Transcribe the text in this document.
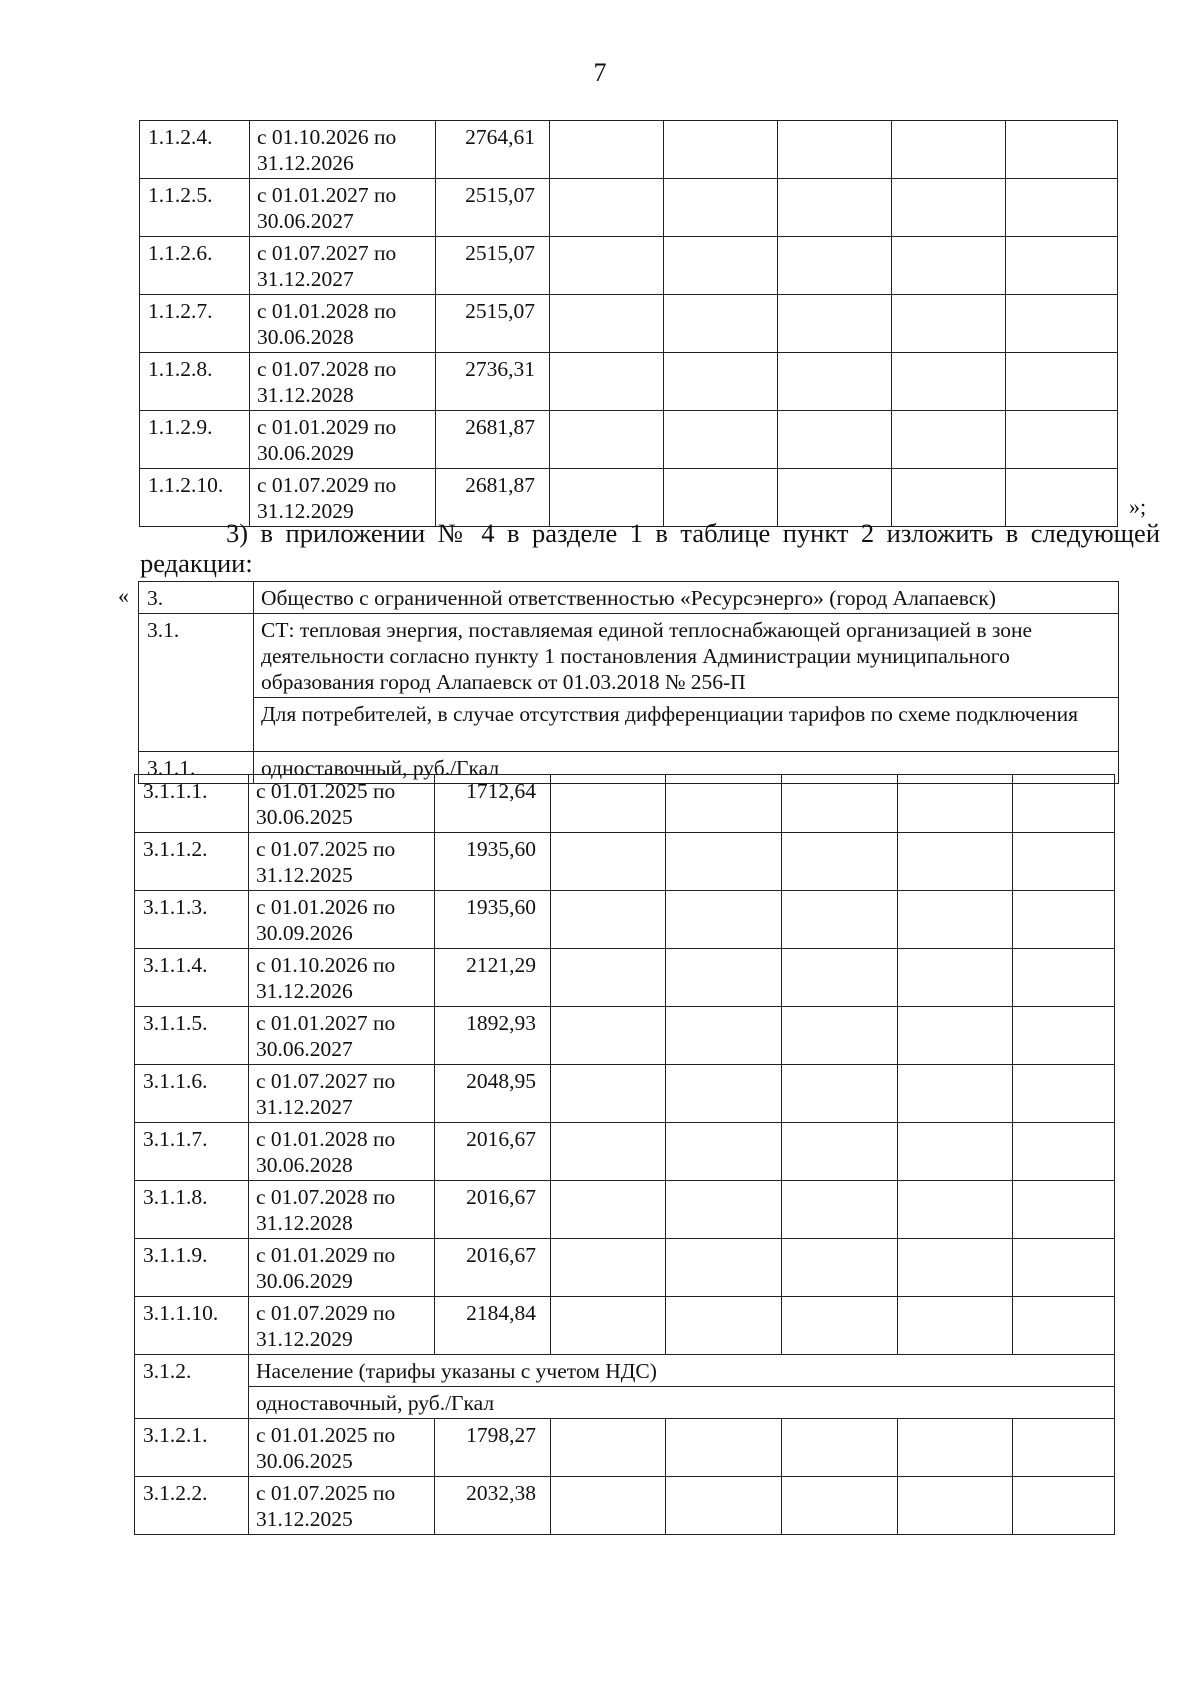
7
1.1.2.4.	с 01.10.2026 по 31.12.2026	2764,61					
1.1.2.5.	с 01.01.2027 по 30.06.2027	2515,07					
1.1.2.6.	с 01.07.2027 по 31.12.2027	2515,07					
1.1.2.7.	с 01.01.2028 по 30.06.2028	2515,07					
1.1.2.8.	с 01.07.2028 по 31.12.2028	2736,31					
1.1.2.9.	с 01.01.2029 по 30.06.2029	2681,87					
1.1.2.10.	с 01.07.2029 по 31.12.2029	2681,87					
»;
3) в приложении № 4 в разделе 1 в таблице пункт 2 изложить в следующей редакции:
« 3.	Общество с ограниченной ответственностью «Ресурсэнерго» (город Алапаевск)
3.1.	СТ: тепловая энергия, поставляемая единой теплоснабжающей организацией в зоне деятельности согласно пункту 1 постановления Администрации муниципального образования город Алапаевск от 01.03.2018 № 256-П
	Для потребителей, в случае отсутствия дифференциации тарифов по схеме подключения
3.1.1.	одноставочный, руб./Гкал
3.1.1.1.	с 01.01.2025 по 30.06.2025	1712,64					
3.1.1.2.	с 01.07.2025 по 31.12.2025	1935,60					
3.1.1.3.	с 01.01.2026 по 30.09.2026	1935,60					
3.1.1.4.	с 01.10.2026 по 31.12.2026	2121,29					
3.1.1.5.	с 01.01.2027 по 30.06.2027	1892,93					
3.1.1.6.	с 01.07.2027 по 31.12.2027	2048,95					
3.1.1.7.	с 01.01.2028 по 30.06.2028	2016,67					
3.1.1.8.	с 01.07.2028 по 31.12.2028	2016,67					
3.1.1.9.	с 01.01.2029 по 30.06.2029	2016,67					
3.1.1.10.	с 01.07.2029 по 31.12.2029	2184,84					
3.1.2.	Население (тарифы указаны с учетом НДС)						
	одноставочный, руб./Гкал						
3.1.2.1.	с 01.01.2025 по 30.06.2025	1798,27					
3.1.2.2.	с 01.07.2025 по 31.12.2025	2032,38					
